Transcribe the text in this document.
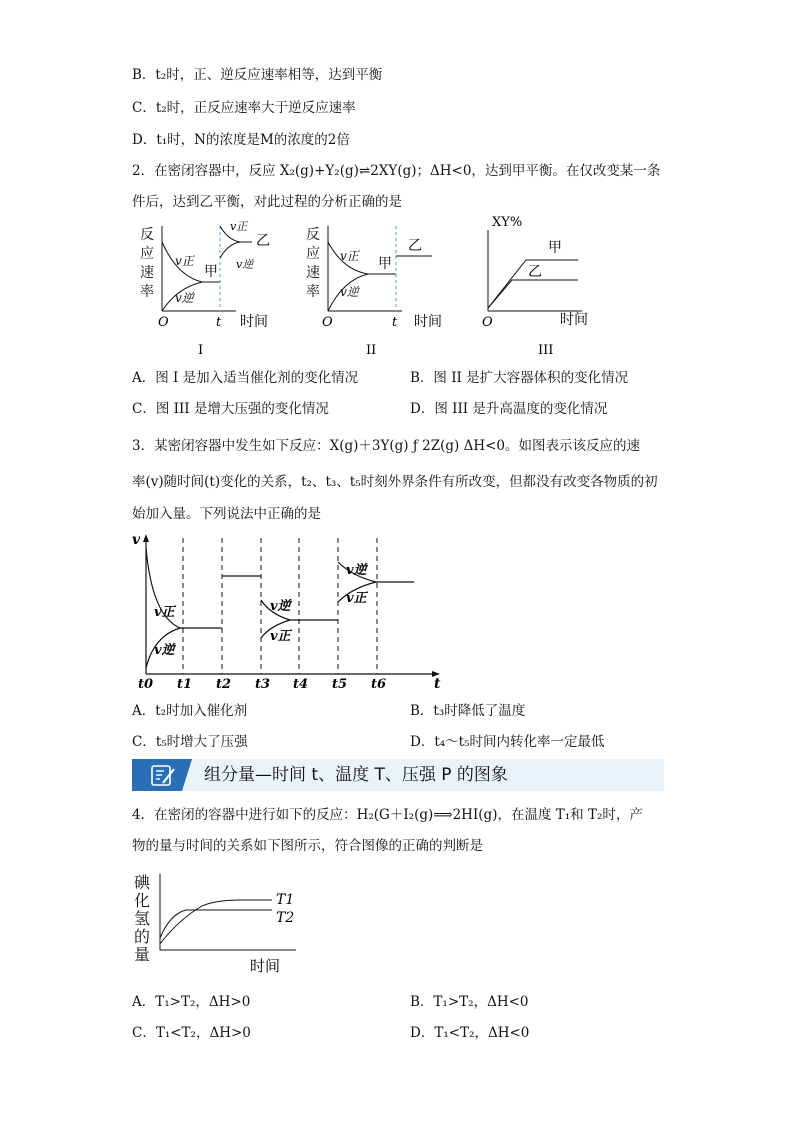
B．t₂时，正、逆反应速率相等，达到平衡
C．t₂时，正反应速率大于逆反应速率
D．t₁时，N的浓度是M的浓度的2倍
2．在密闭容器中，反应 X₂(g)+Y₂(g)⇌2XY(g)；ΔH<0，达到甲平衡。在仅改变某一条
件后，达到乙平衡，对此过程的分析正确的是
反
应
速
率
v正
v逆
甲
乙
v正
v逆
O	t 时间
I
反
应
速
率
v正
v逆
甲
乙
O	t 时间
II
XY%
甲
乙
O	时间
III
A．图 I 是加入适当催化剂的变化情况	B．图 II 是扩大容器体积的变化情况
C．图 III 是增大压强的变化情况	D．图 III 是升高温度的变化情况
3．某密闭容器中发生如下反应：X(g)＋3Y(g) ƒ 2Z(g) ΔH<0。如图表示该反应的速
率(v)随时间(t)变化的关系，t₂、t₃、t₅时刻外界条件有所改变，但都没有改变各物质的初
始加入量。下列说法中正确的是
v
t
v正
v逆
v逆
v正
v逆
v正
t0 t1 t2 t3 t4 t5 t6
A．t₂时加入催化剂	B．t₃时降低了温度
C．t₅时增大了压强	D．t₄～t₅时间内转化率一定最低
组分量—时间 t、温度 T、压强 P 的图象
4．在密闭的容器中进行如下的反应：H₂(G＋I₂(g)⟹2HI(g)，在温度 T₁和 T₂时，产
物的量与时间的关系如下图所示，符合图像的正确的判断是
碘
化
氢
的
量
T1
T2
时间
A．T₁>T₂，ΔH>0	B．T₁>T₂，ΔH<0
C．T₁<T₂，ΔH>0	D．T₁<T₂，ΔH<0
